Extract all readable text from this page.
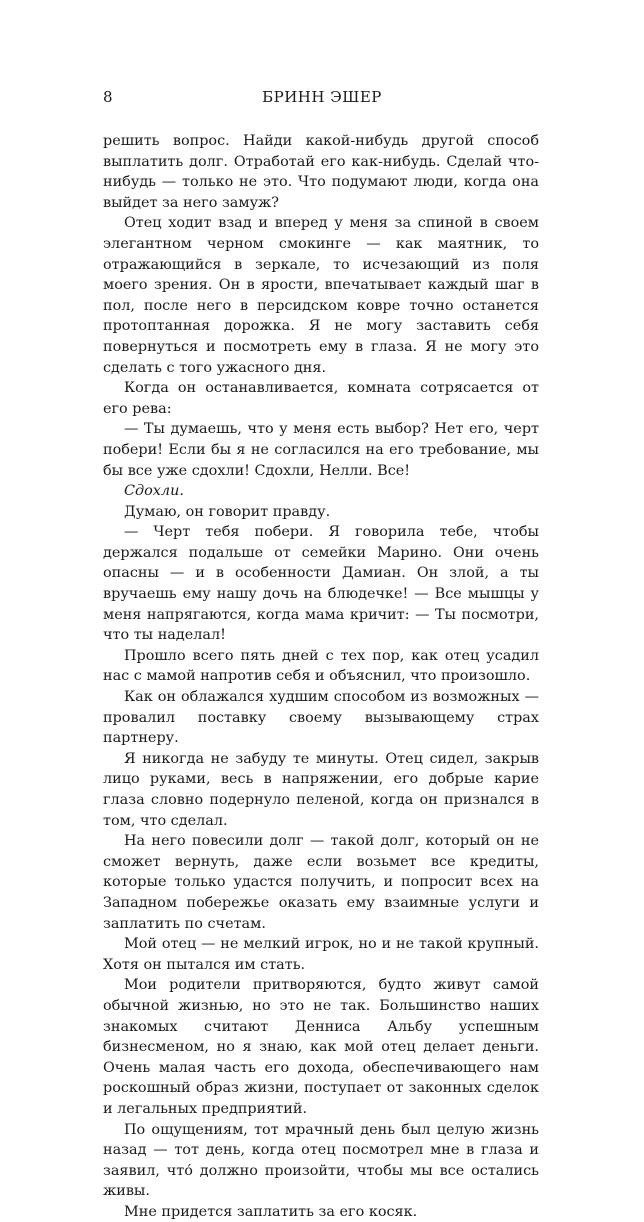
8	БРИНН ЭШЕР

решить вопрос. Найди какой-нибудь другой способ выплатить долг. Отработай его как-нибудь. Сделай что-нибудь — только не это. Что подумают люди, когда она выйдет за него замуж?

Отец ходит взад и вперед у меня за спиной в своем элегантном черном смокинге — как маятник, то отражающийся в зеркале, то исчезающий из поля моего зрения. Он в ярости, впечатывает каждый шаг в пол, после него в персидском ковре точно останется протоптанная дорожка. Я не могу заставить себя повернуться и посмотреть ему в глаза. Я не могу это сделать с того ужасного дня.

Когда он останавливается, комната сотрясается от его рева:

— Ты думаешь, что у меня есть выбор? Нет его, черт побери! Если бы я не согласился на его требование, мы бы все уже сдохли! Сдохли, Нелли. Все!

Сдохли.

Думаю, он говорит правду.

— Черт тебя побери. Я говорила тебе, чтобы держался подальше от семейки Марино. Они очень опасны — и в особенности Дамиан. Он злой, а ты вручаешь ему нашу дочь на блюдечке! — Все мышцы у меня напрягаются, когда мама кричит: — Ты посмотри, что ты наделал!

Прошло всего пять дней с тех пор, как отец усадил нас с мамой напротив себя и объяснил, что произошло.

Как он облажался худшим способом из возможных — провалил поставку своему вызывающему страх партнеру.

Я никогда не забуду те минуты. Отец сидел, закрыв лицо руками, весь в напряжении, его добрые карие глаза словно подернуло пеленой, когда он признался в том, что сделал.

На него повесили долг — такой долг, который он не сможет вернуть, даже если возьмет все кредиты, которые только удастся получить, и попросит всех на Западном побережье оказать ему взаимные услуги и заплатить по счетам.

Мой отец — не мелкий игрок, но и не такой крупный. Хотя он пытался им стать.

Мои родители притворяются, будто живут самой обычной жизнью, но это не так. Большинство наших знакомых считают Денниса Альбу успешным бизнесменом, но я знаю, как мой отец делает деньги. Очень малая часть его дохода, обеспечивающего нам роскошный образ жизни, поступает от законных сделок и легальных предприятий.

По ощущениям, тот мрачный день был целую жизнь назад — тот день, когда отец посмотрел мне в глаза и заявил, что́ должно произойти, чтобы мы все остались живы.

Мне придется заплатить за его косяк.
